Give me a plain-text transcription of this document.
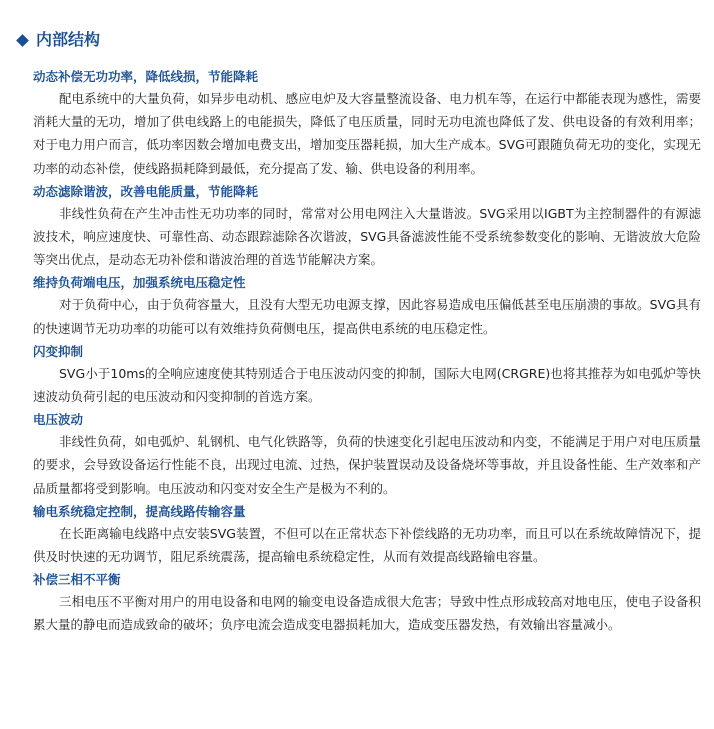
内部结构

动态补偿无功功率，降低线损，节能降耗

配电系统中的大量负荷，如异步电动机、感应电炉及大容量整流设备、电力机车等，在运行中都能表现为感性，需要消耗大量的无功，增加了供电线路上的电能损失，降低了电压质量，同时无功电流也降低了发、供电设备的有效利用率；对于电力用户而言，低功率因数会增加电费支出，增加变压器耗损，加大生产成本。SVG可跟随负荷无功的变化，实现无功率的动态补偿，使线路损耗降到最低，充分提高了发、输、供电设备的利用率。

动态滤除谐波，改善电能质量，节能降耗

非线性负荷在产生冲击性无功功率的同时，常常对公用电网注入大量谐波。SVG采用以IGBT为主控制器件的有源滤波技术，响应速度快、可靠性高、动态跟踪滤除各次谐波，SVG具备滤波性能不受系统参数变化的影响、无谐波放大危险等突出优点，是动态无功补偿和谐波治理的首选节能解决方案。

维持负荷端电压，加强系统电压稳定性

对于负荷中心，由于负荷容量大，且没有大型无功电源支撑，因此容易造成电压偏低甚至电压崩溃的事故。SVG具有的快速调节无功功率的功能可以有效维持负荷侧电压，提高供电系统的电压稳定性。

闪变抑制

SVG小于10ms的全响应速度使其特别适合于电压波动闪变的抑制，国际大电网(CRGRE)也将其推荐为如电弧炉等快速波动负荷引起的电压波动和闪变抑制的首选方案。

电压波动

非线性负荷，如电弧炉、轧钢机、电气化铁路等，负荷的快速变化引起电压波动和内变，不能满足于用户对电压质量的要求，会导致设备运行性能不良，出现过电流、过热，保护装置误动及设备烧坏等事故，并且设备性能、生产效率和产品质量都将受到影响。电压波动和闪变对安全生产是极为不利的。

输电系统稳定控制，提高线路传输容量

在长距离输电线路中点安装SVG装置，不但可以在正常状态下补偿线路的无功功率，而且可以在系统故障情况下，提供及时快速的无功调节，阻尼系统震荡，提高输电系统稳定性，从而有效提高线路输电容量。

补偿三相不平衡

三相电压不平衡对用户的用电设备和电网的输变电设备造成很大危害；导致中性点形成较高对地电压，使电子设备积累大量的静电而造成致命的破坏；负序电流会造成变电器损耗加大，造成变压器发热，有效输出容量减小。
